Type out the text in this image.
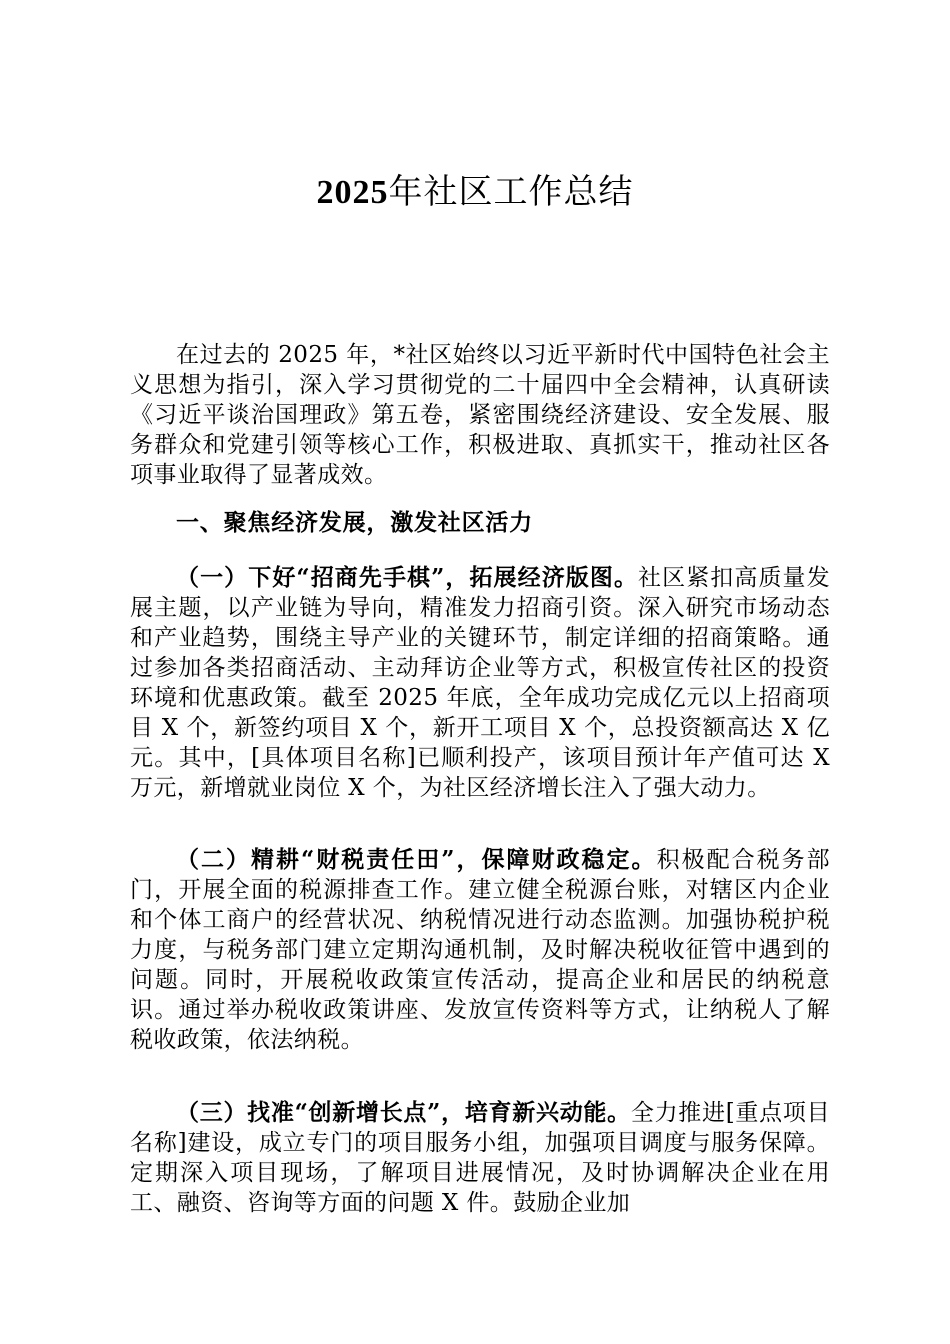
2025年社区工作总结

在过去的 2025 年，*社区始终以习近平新时代中国特色社会主义思想为指引，深入学习贯彻党的二十届四中全会精神，认真研读《习近平谈治国理政》第五卷，紧密围绕经济建设、安全发展、服务群众和党建引领等核心工作，积极进取、真抓实干，推动社区各项事业取得了显著成效。

一、聚焦经济发展，激发社区活力

（一）下好“招商先手棋”，拓展经济版图。社区紧扣高质量发展主题，以产业链为导向，精准发力招商引资。深入研究市场动态和产业趋势，围绕主导产业的关键环节，制定详细的招商策略。通过参加各类招商活动、主动拜访企业等方式，积极宣传社区的投资环境和优惠政策。截至 2025 年底，全年成功完成亿元以上招商项目 X 个，新签约项目 X 个，新开工项目 X 个，总投资额高达 X 亿元。其中，[具体项目名称]已顺利投产，该项目预计年产值可达 X 万元，新增就业岗位 X 个，为社区经济增长注入了强大动力。

（二）精耕“财税责任田”，保障财政稳定。积极配合税务部门，开展全面的税源排查工作。建立健全税源台账，对辖区内企业和个体工商户的经营状况、纳税情况进行动态监测。加强协税护税力度，与税务部门建立定期沟通机制，及时解决税收征管中遇到的问题。同时，开展税收政策宣传活动，提高企业和居民的纳税意识。通过举办税收政策讲座、发放宣传资料等方式，让纳税人了解税收政策，依法纳税。

（三）找准“创新增长点”，培育新兴动能。全力推进[重点项目名称]建设，成立专门的项目服务小组，加强项目调度与服务保障。定期深入项目现场，了解项目进展情况，及时协调解决企业在用工、融资、咨询等方面的问题 X 件。鼓励企业加
